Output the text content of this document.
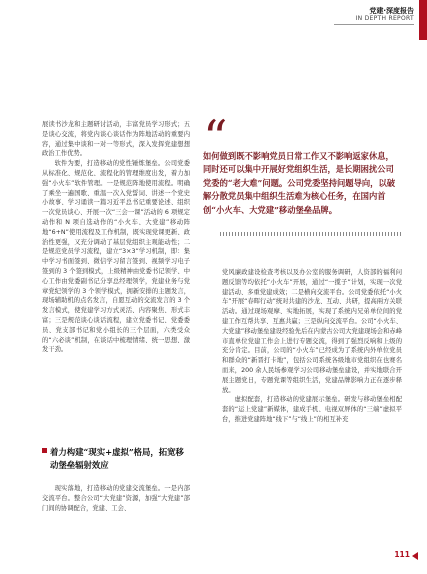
党建·深度报告
IN DEPTH REPORT

展读书沙龙和主题研讨活动，丰富党员学习形式；五是谈心交流，将党内谈心谈话作为阵地活动的重要内容，通过集中谈和一对一等形式，深入发挥党建想想政治工作优势。

软件为要，打造移动的党性锤炼堡垒。公司党委从标准化、规范化、流程化的管理维度出发，着力加强“小火车”软件管理。一是规范阵地使用流程。明确了乘坐一遍国歌、重温一次入党誓词、讲述一个党史小故事、学习诵读一篇习近平总书记重要论述、组织一次党员谈心、开展一次“三会一课”活动的 6 项规定动作和 N 项自选动作的“小火车、大党建”移动阵地“6+N”使用流程及工作机制，既实现党课更新、政治性更强，又充分调动了基层党组织主观能动性；二是规范党员学习流程，建立“3×3”学习机制，即：集中学习书面签到、微信学习留言签到、视频学习电子签到的 3 个签到模式，上级精神由党委书记领学、中心工作由党委副书记分享总经理领学，党建业务与党章党纪领学的 3 个领学模式，拥新安排的主题发言，现场辅助机的点名发言，自愿互动的交流发言的 3 个发言模式，使党建学习方式灵活、内容聚焦、形式丰富；三是规范谈心谈话流程，建立党委书记、党委委员、党支部书记和党小组长的三个层面，六类受众的“六必谈”机制，在谈话中梳理情绪、统一思想、激发干劲。

着力构建“现实+虚拟”格局，拓宽移动堡垒辐射效应

现实落地，打造移动的党建交流堡垒。一是内部交流平台。整合公司“大党建”资源，加强“大党建”部门间的协调配合，党建、工会、

“

如何做到既不影响党员日常工作又不影响返家休息，同时还可以集中开展好党组织生活，是长期困扰公司党委的“老大难”问题。公司党委坚持问题导向，以破解分散党员集中组织生活难为核心任务，在国内首创“小火车、大党建”移动堡垒品牌。

党风廉政建设检查考核以及办公室的服务调研，人资部的福利问题反馈等均依托“小火车”开展，通过“一揽子”计划，实现一次党建活动、多重党建成效；二是横向交流平台。公司党委依托“小火车”开展“春晖行动”统对共建的沙龙、互动、共研，提高兩方关联活动。通过现场观摩、实地拓展，实现了系统内兄弟单位间的党建工作互帮共享、互惠共赢；三是纵向交流平台。公司“小火车、大党建”移动堡垒建设经验先后在内蒙古公司大党建现场会和赤峰市直单位党建工作会上进行专题交流，得到了强烈反响和上级的充分肯定。目前，公司的“小火车”已经成为了系统内外单位党员和群众的“新晋打卡地”，包括公司系统各级地市党组织在也赛名而来，200 余人民场参观学习公司移动堡垒建设，并实地联合开展主题党日，专题党课等组织生活，党建品牌影响力正在逐步释放。

虚拟配套，打造移动的党建展示堡垒。研发与移动堡垒相配套的“运上党建”新媒体，建成手机、电视双屏体的“三端”虚拟平台，推进党建阵地“线下”与“线上”的相互补充

111
